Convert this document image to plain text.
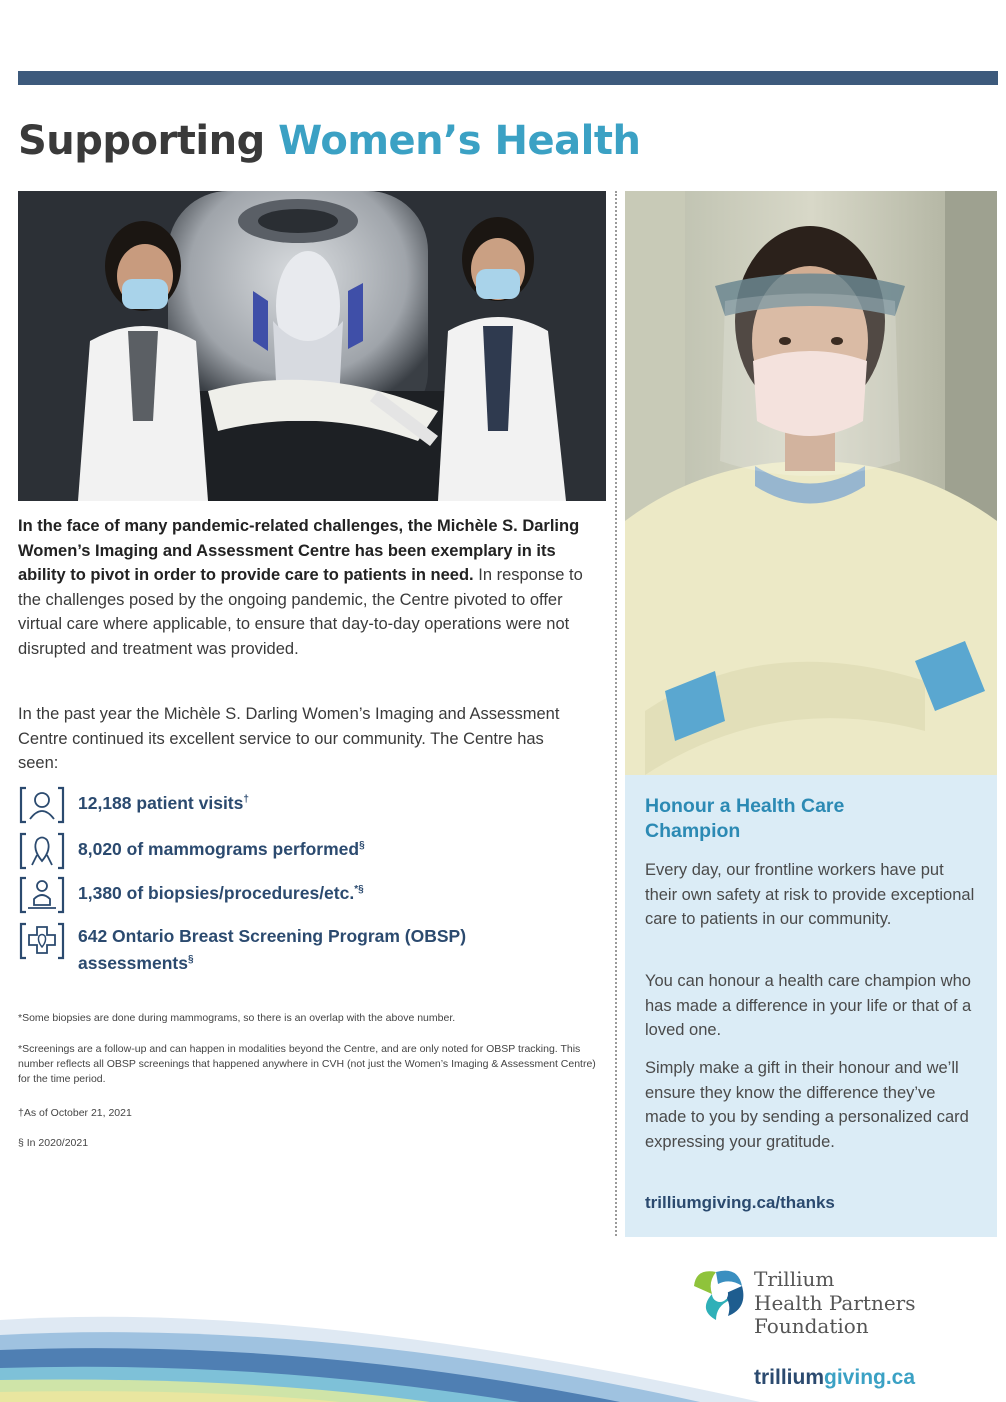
Supporting Women’s Health

In the face of many pandemic-related challenges, the Michèle S. Darling Women’s Imaging and Assessment Centre has been exemplary in its ability to pivot in order to provide care to patients in need. In response to the challenges posed by the ongoing pandemic, the Centre pivoted to offer virtual care where applicable, to ensure that day-to-day operations were not disrupted and treatment was provided.

In the past year the Michèle S. Darling Women’s Imaging and Assessment Centre continued its excellent service to our community. The Centre has seen:

12,188 patient visits†
8,020 of mammograms performed§
1,380 of biopsies/procedures/etc.*§
642 Ontario Breast Screening Program (OBSP) assessments§

*Some biopsies are done during mammograms, so there is an overlap with the above number.

*Screenings are a follow-up and can happen in modalities beyond the Centre, and are only noted for OBSP tracking. This number reflects all OBSP screenings that happened anywhere in CVH (not just the Women’s Imaging & Assessment Centre) for the time period.

†As of October 21, 2021

§ In 2020/2021

Honour a Health Care Champion

Every day, our frontline workers have put their own safety at risk to provide exceptional care to patients in our community.

You can honour a health care champion who has made a difference in your life or that of a loved one.

Simply make a gift in their honour and we’ll ensure they know the difference they’ve made to you by sending a personalized card expressing your gratitude.

trilliumgiving.ca/thanks

Trillium
Health Partners
Foundation

trilliumgiving.ca
